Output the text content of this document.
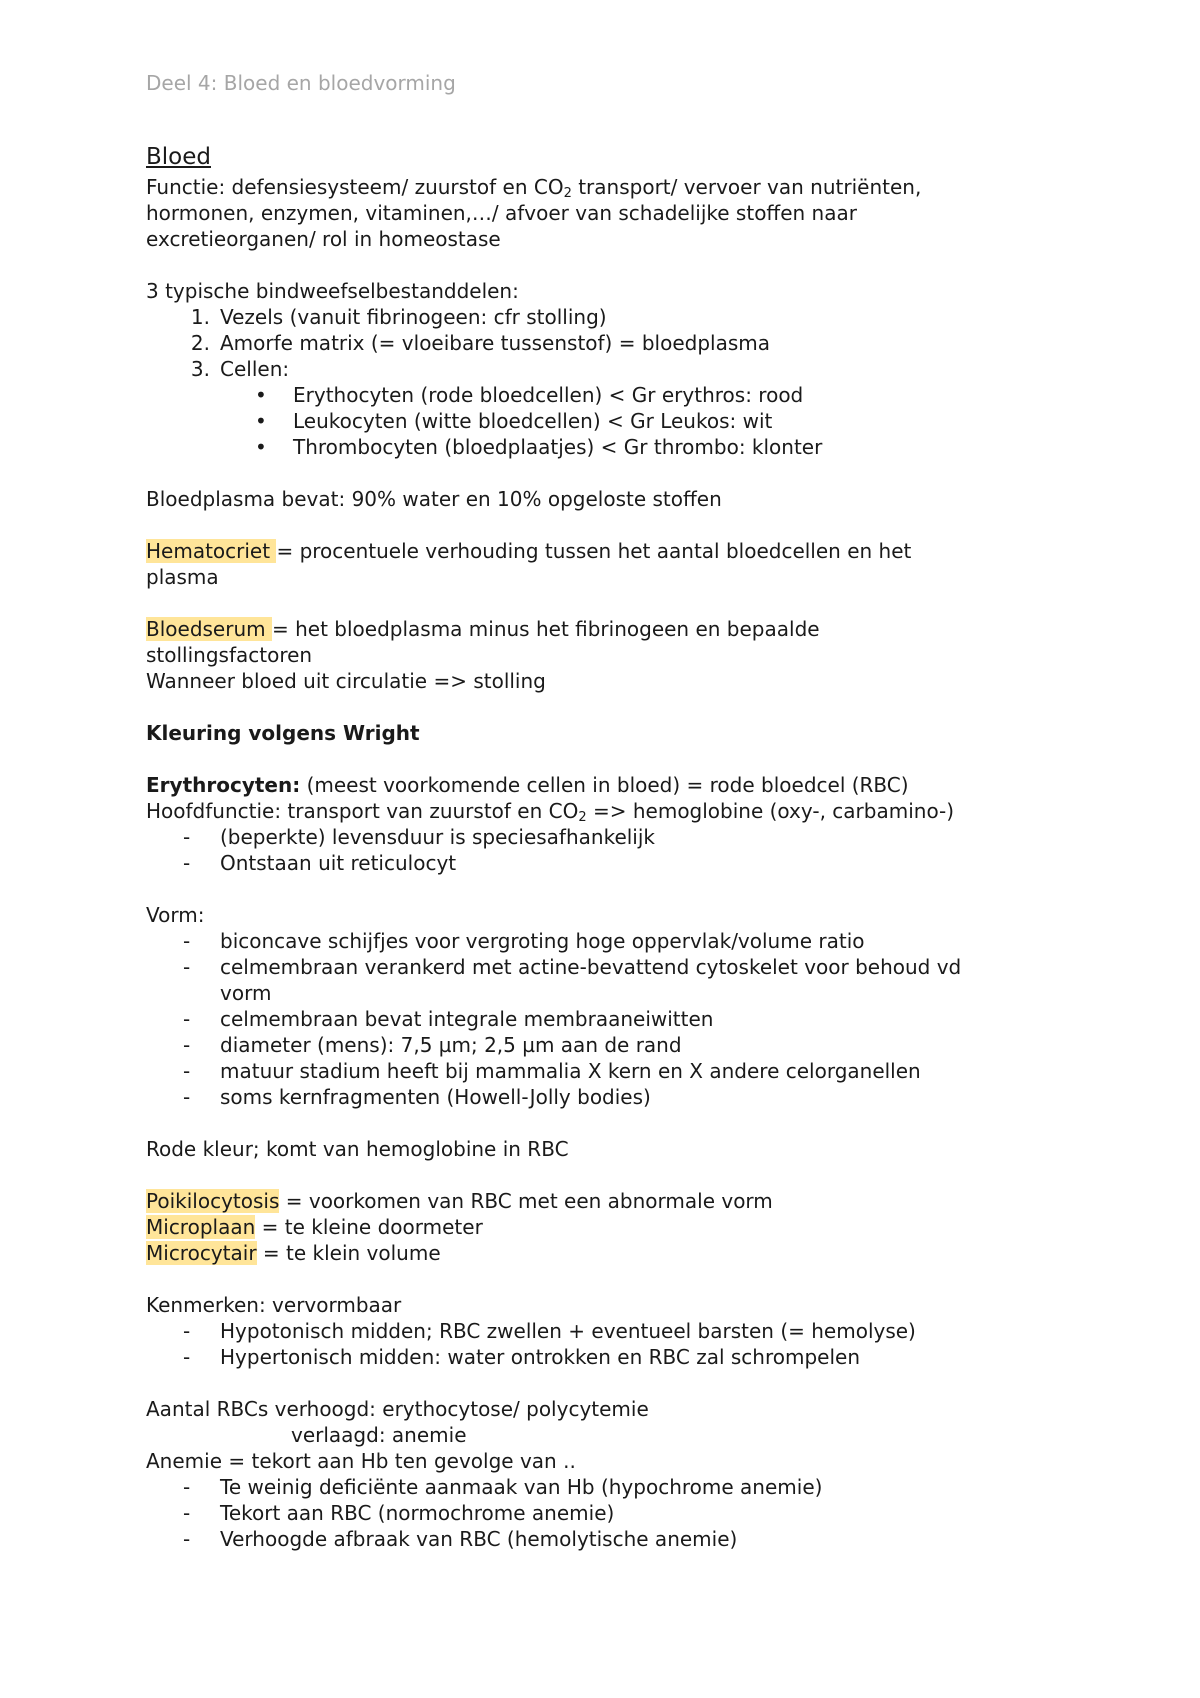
Deel 4: Bloed en bloedvorming
Bloed
Functie: defensiesysteem/ zuurstof en $CO_2$ transport/ vervoer van nutriënten,
hormonen, enzymen, vitaminen,…/ afvoer van schadelijke stoffen naar
excretieorganen/ rol in homeostase
3 typische bindweefselbestanddelen:
1. Vezels (vanuit fibrinogeen: cfr stolling)
2. Amorfe matrix (= vloeibare tussenstof) = bloedplasma
3. Cellen:
• Erythocyten (rode bloedcellen) < Gr erythros: rood
• Leukocyten (witte bloedcellen) < Gr Leukos: wit
• Thrombocyten (bloedplaatjes) < Gr thrombo: klonter
Bloedplasma bevat: 90% water en 10% opgeloste stoffen
Hematocriet = procentuele verhouding tussen het aantal bloedcellen en het
plasma
Bloedserum = het bloedplasma minus het fibrinogeen en bepaalde
stollingsfactoren
Wanneer bloed uit circulatie => stolling
Kleuring volgens Wright
Erythrocyten: (meest voorkomende cellen in bloed) = rode bloedcel (RBC)
Hoofdfunctie: transport van zuurstof en $CO_2$ => hemoglobine (oxy-, carbamino-)
- (beperkte) levensduur is speciesafhankelijk
- Ontstaan uit reticulocyt
Vorm:
- biconcave schijfjes voor vergroting hoge oppervlak/volume ratio
- celmembraan verankerd met actine-bevattend cytoskelet voor behoud vd
vorm
- celmembraan bevat integrale membraaneiwitten
- diameter (mens): 7,5 µm; 2,5 µm aan de rand
- matuur stadium heeft bij mammalia X kern en X andere celorganellen
- soms kernfragmenten (Howell-Jolly bodies)
Rode kleur; komt van hemoglobine in RBC
Poikilocytosis = voorkomen van RBC met een abnormale vorm
Microplaan = te kleine doormeter
Microcytair = te klein volume
Kenmerken: vervormbaar
- Hypotonisch midden; RBC zwellen + eventueel barsten (= hemolyse)
- Hypertonisch midden: water ontrokken en RBC zal schrompelen
Aantal RBCs verhoogd: erythocytose/ polycytemie
verlaagd: anemie
Anemie = tekort aan Hb ten gevolge van ..
- Te weinig deficiënte aanmaak van Hb (hypochrome anemie)
- Tekort aan RBC (normochrome anemie)
- Verhoogde afbraak van RBC (hemolytische anemie)
